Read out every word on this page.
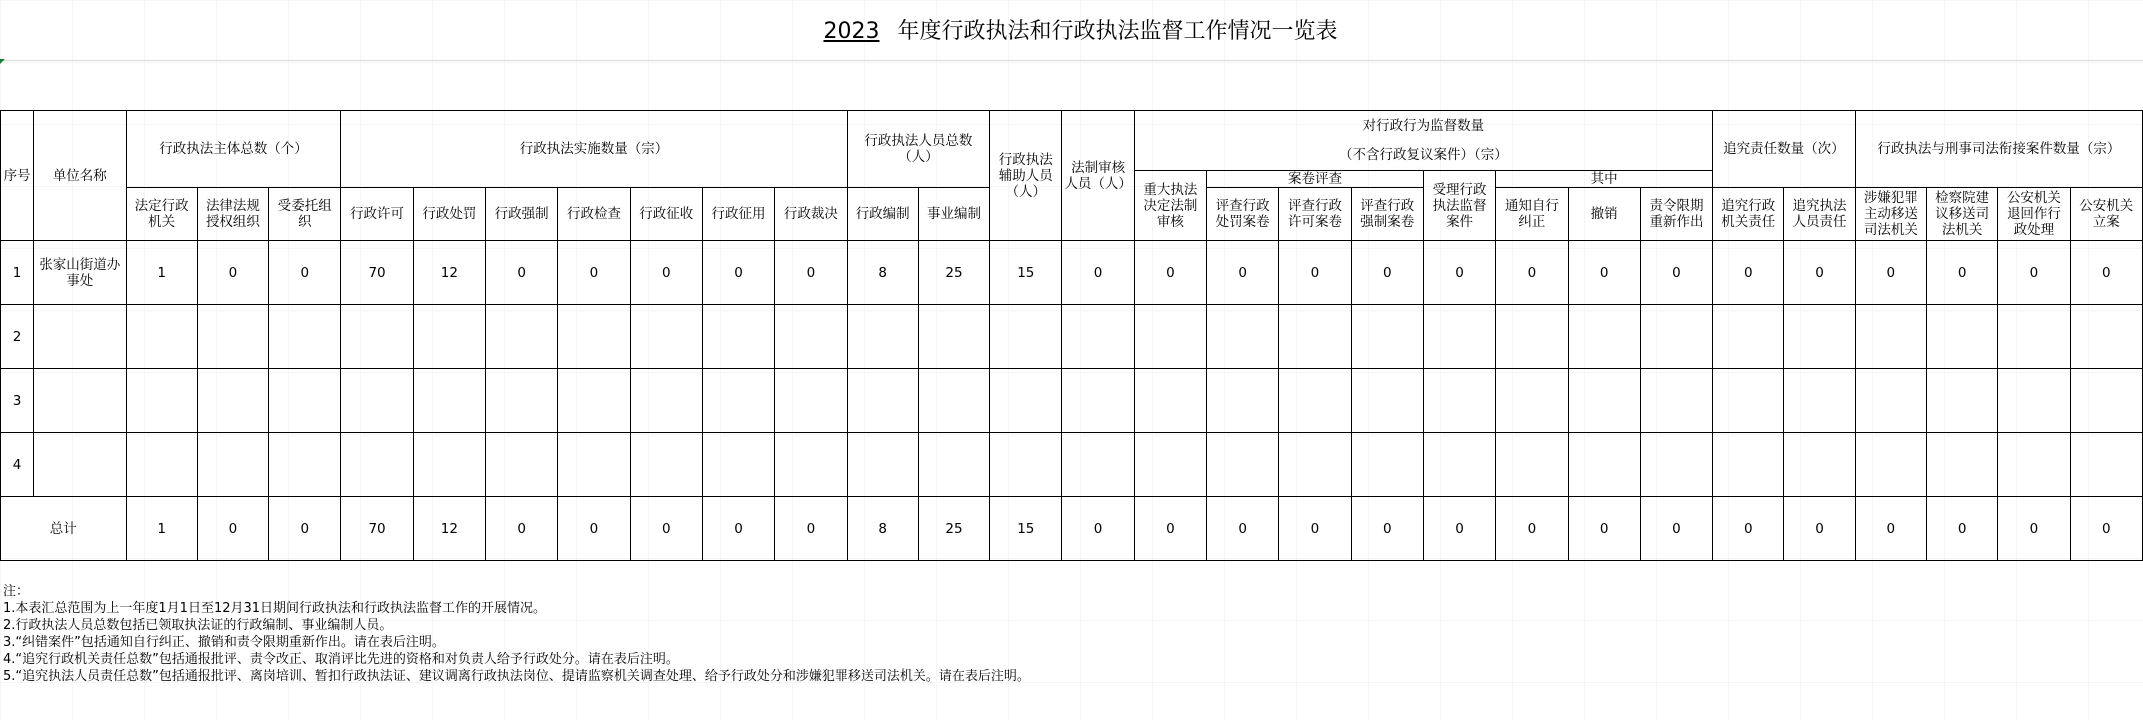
2023 年度行政执法和行政执法监督工作情况一览表
序号	单位名称	行政执法主体总数（个）			行政执法实施数量（宗）							行政执法人员总数（人）		行政执法辅助人员（人）	法制审核人员（人）	对行政行为监督数量
（不含行政复议案件）（宗）								追究责任数量（次）		行政执法与刑事司法衔接案件数量（宗）			
																重大执法决定法制审核	案卷评查			受理行政执法监督案件	其中								
		法定行政机关	法律法规授权组织	受委托组织	行政许可	行政处罚	行政强制	行政检查	行政征收	行政征用	行政裁决	行政编制	事业编制				评查行政处罚案卷	评查行政许可案卷	评查行政强制案卷		通知自行纠正	撤销	责令限期重新作出	追究行政机关责任	追究执法人员责任	涉嫌犯罪主动移送司法机关	检察院建议移送司法机关	公安机关退回作行政处理	公安机关立案
1	张家山街道办事处	1	0	0	70	12	0	0	0	0	0	8	25	15	0	0	0	0	0	0	0	0	0	0	0	0	0	0	0
2																													
3																													
4																													
总计		1	0	0	70	12	0	0	0	0	0	8	25	15	0	0	0	0	0	0	0	0	0	0	0	0	0	0	0
注：
1.本表汇总范围为上一年度1月1日至12月31日期间行政执法和行政执法监督工作的开展情况。
2.行政执法人员总数包括已领取执法证的行政编制、事业编制人员。
3.“纠错案件”包括通知自行纠正、撤销和责令限期重新作出。请在表后注明。
4.“追究行政机关责任总数”包括通报批评、责令改正、取消评比先进的资格和对负责人给予行政处分。请在表后注明。
5.“追究执法人员责任总数”包括通报批评、离岗培训、暂扣行政执法证、建议调离行政执法岗位、提请监察机关调查处理、给予行政处分和涉嫌犯罪移送司法机关。请在表后注明。
